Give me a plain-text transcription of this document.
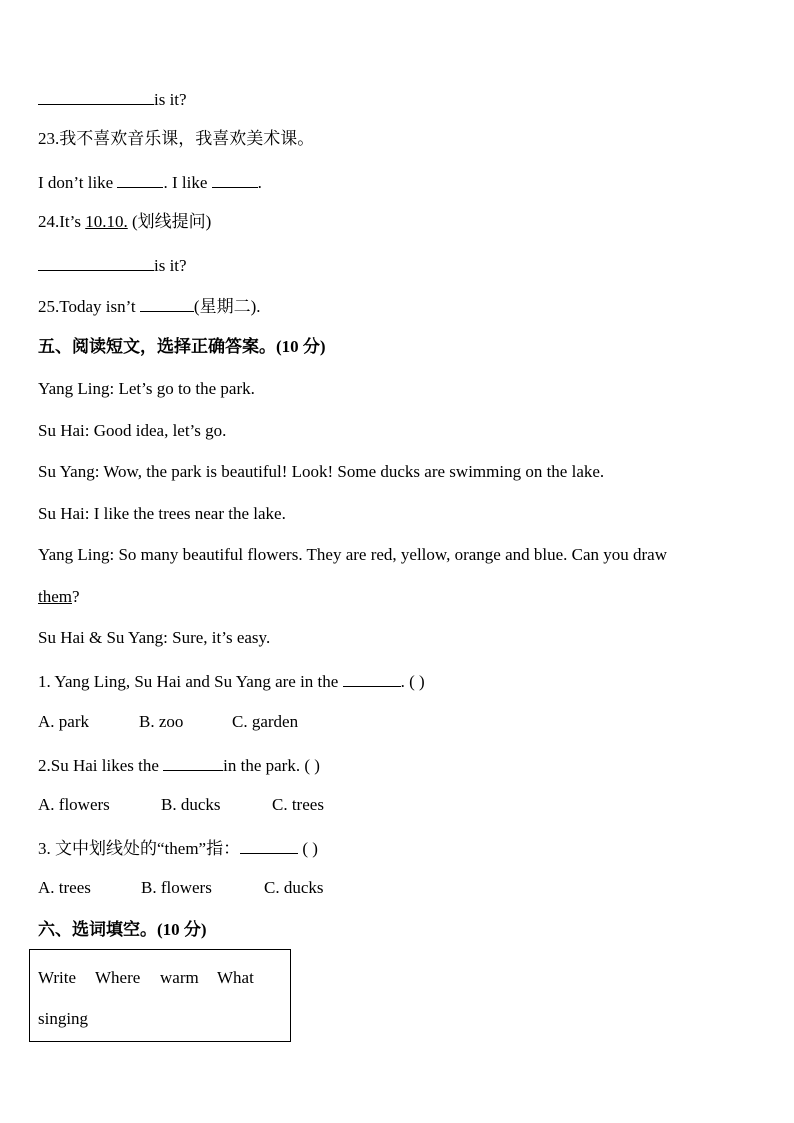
is it?
23.我不喜欢音乐课，我喜欢美术课。
I don’t like	. I like	.
24.It’s 10.10. (划线提问)
is it?
25.Today isn’t	(星期二).
五、阅读短文，选择正确答案。(10 分)
Yang Ling: Let’s go to the park.
Su Hai: Good idea, let’s go.
Su Yang: Wow, the park is beautiful! Look! Some ducks are swimming on the lake.
Su Hai: I like the trees near the lake.
Yang Ling: So many beautiful flowers. They are red, yellow, orange and blue. Can you draw
them?
Su Hai & Su Yang: Sure, it’s easy.
1. Yang Ling, Su Hai and Su Yang are in the	. ( )
A. park	B. zoo	C. garden
2.Su Hai likes the	in the park. ( )
A. flowers	B. ducks	C. trees
3. 文中划线处的“them”指：	( )
A. trees	B. flowers	C. ducks
六、选词填空。(10 分)
Write Where warm What
singing
